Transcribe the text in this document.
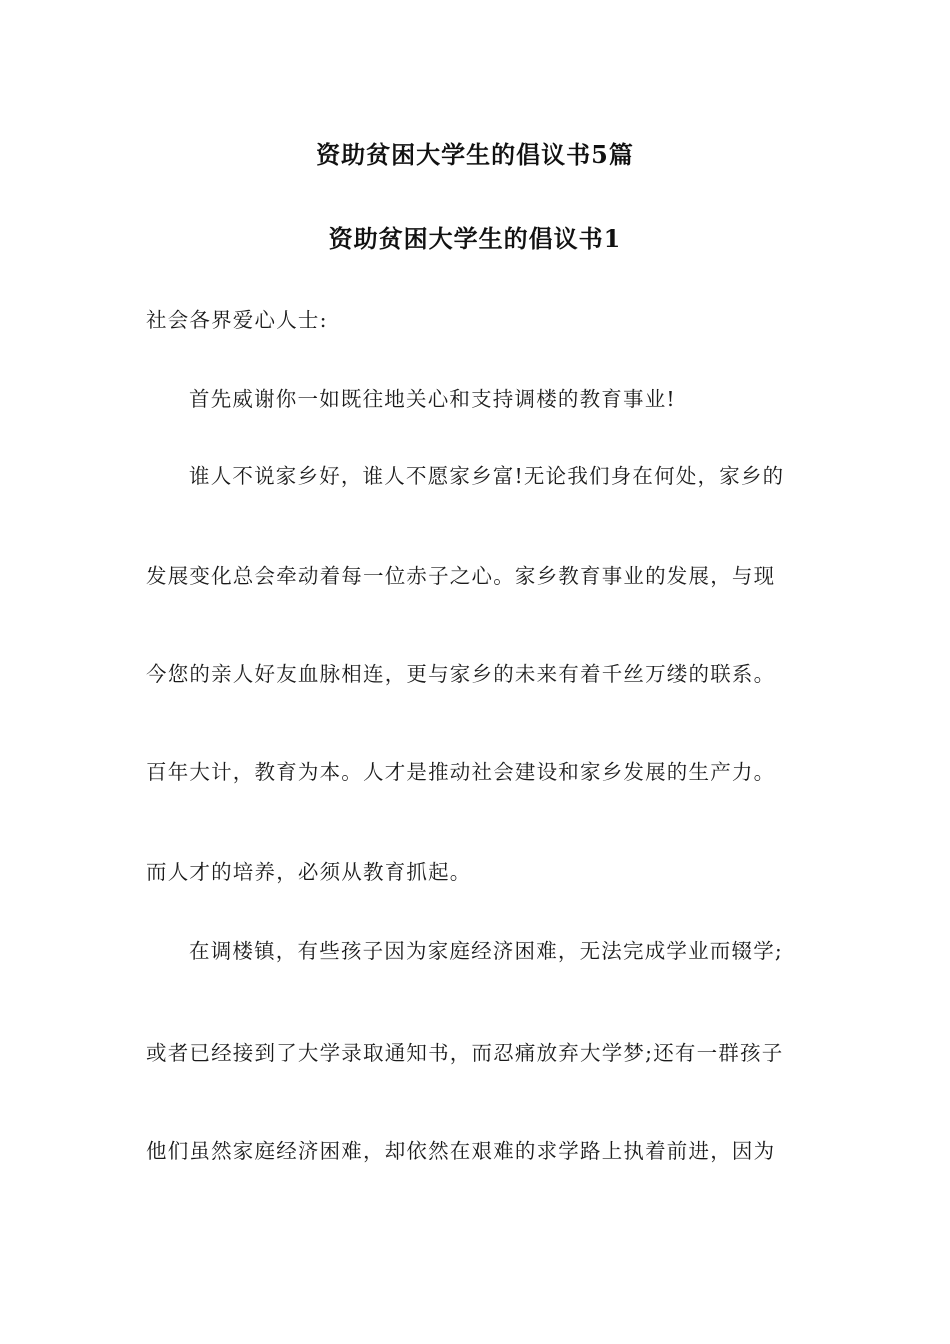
资助贫困大学生的倡议书5篇
资助贫困大学生的倡议书1
社会各界爱心人士:
首先威谢你一如既往地关心和支持调楼的教育事业!
谁人不说家乡好，谁人不愿家乡富!无论我们身在何处，家乡的
发展变化总会牵动着每一位赤子之心。家乡教育事业的发展，与现
今您的亲人好友血脉相连，更与家乡的未来有着千丝万缕的联系。
百年大计，教育为本。人才是推动社会建设和家乡发展的生产力。
而人才的培养，必须从教育抓起。
在调楼镇，有些孩子因为家庭经济困难，无法完成学业而辍学;
或者已经接到了大学录取通知书，而忍痛放弃大学梦;还有一群孩子
他们虽然家庭经济困难，却依然在艰难的求学路上执着前进，因为
